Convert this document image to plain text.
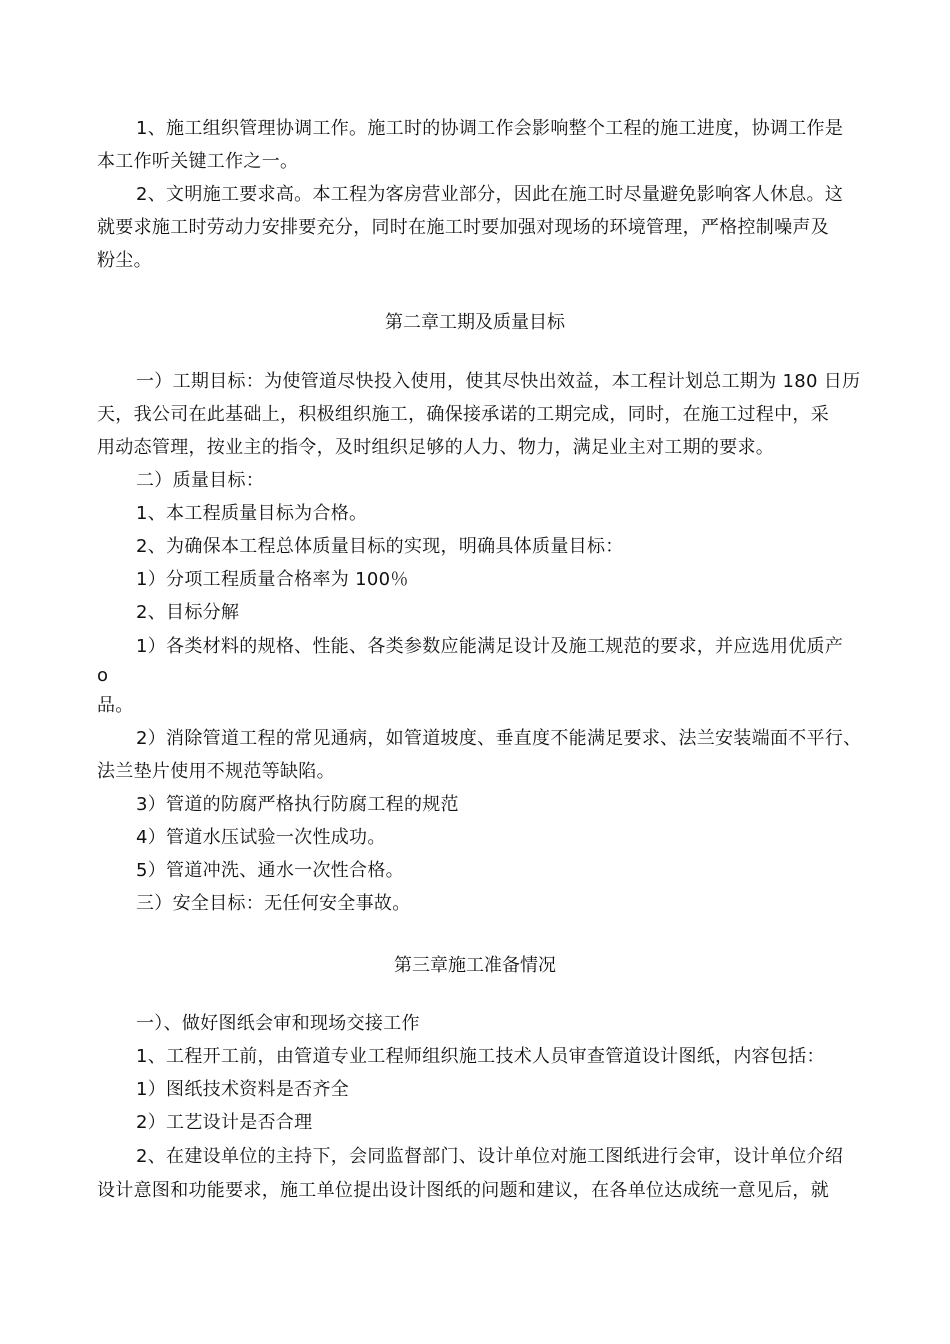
1、施工组织管理协调工作。施工时的协调工作会影响整个工程的施工进度，协调工作是
本工作听关键工作之一。
2、文明施工要求高。本工程为客房营业部分，因此在施工时尽量避免影响客人休息。这
就要求施工时劳动力安排要充分，同时在施工时要加强对现场的环境管理，严格控制噪声及
粉尘。
第二章工期及质量目标
一）工期目标：为使管道尽快投入使用，使其尽快出效益，本工程计划总工期为 180 日历
天，我公司在此基础上，积极组织施工，确保接承诺的工期完成，同时，在施工过程中，采
用动态管理，按业主的指令，及时组织足够的人力、物力，满足业主对工期的要求。
二）质量目标：
1、本工程质量目标为合格。
2、为确保本工程总体质量目标的实现，明确具体质量目标：
1）分项工程质量合格率为 100％
2、目标分解
1）各类材料的规格、性能、各类参数应能满足设计及施工规范的要求，并应选用优质产
o
品。
2）消除管道工程的常见通病，如管道坡度、垂直度不能满足要求、法兰安装端面不平行、
法兰垫片使用不规范等缺陷。
3）管道的防腐严格执行防腐工程的规范
4）管道水压试验一次性成功。
5）管道冲洗、通水一次性合格。
三）安全目标：无任何安全事故。
第三章施工准备情况
一）、做好图纸会审和现场交接工作
1、工程开工前，由管道专业工程师组织施工技术人员审查管道设计图纸，内容包括：
1）图纸技术资料是否齐全
2）工艺设计是否合理
2、在建设单位的主持下，会同监督部门、设计单位对施工图纸进行会审，设计单位介绍
设计意图和功能要求，施工单位提出设计图纸的问题和建议，在各单位达成统一意见后，就
